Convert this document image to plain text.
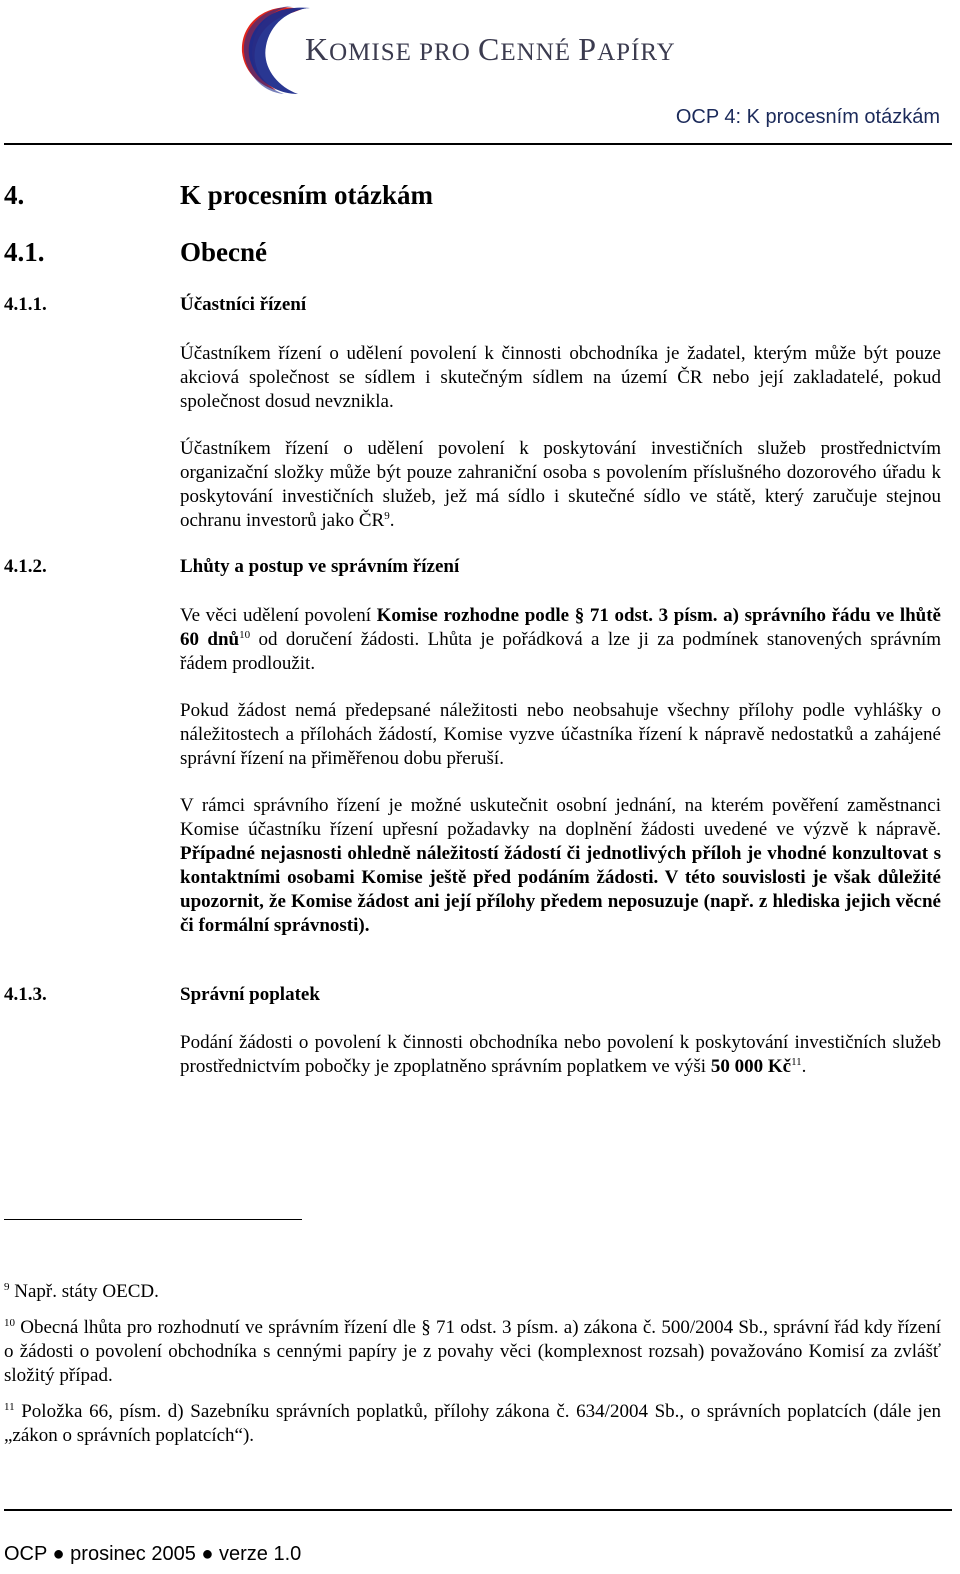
KOMISE PRO CENNÉ PAPÍRY
OCP 4: K procesním otázkám
4.	K procesním otázkám
4.1.	Obecné
4.1.1.	Účastníci řízení
Účastníkem řízení o udělení povolení k činnosti obchodníka je žadatel, kterým může být pouze akciová společnost se sídlem i skutečným sídlem na území ČR nebo její zakladatelé, pokud společnost dosud nevznikla.
Účastníkem řízení o udělení povolení k poskytování investičních služeb prostřednictvím organizační složky může být pouze zahraniční osoba s povolením příslušného dozorového úřadu k poskytování investičních služeb, jež má sídlo i skutečné sídlo ve státě, který zaručuje stejnou ochranu investorů jako $ČR^9$.
4.1.2.	Lhůty a postup ve správním řízení
Ve věci udělení povolení Komise rozhodne podle § 71 odst. 3 písm. a) správního řádu ve lhůtě 60 dnů$^{10}$ od doručení žádosti. Lhůta je pořádková a lze ji za podmínek stanovených správním řádem prodloužit.
Pokud žádost nemá předepsané náležitosti nebo neobsahuje všechny přílohy podle vyhlášky o náležitostech a přílohách žádostí, Komise vyzve účastníka řízení k nápravě nedostatků a zahájené správní řízení na přiměřenou dobu přeruší.
V rámci správního řízení je možné uskutečnit osobní jednání, na kterém pověření zaměstnanci Komise účastníku řízení upřesní požadavky na doplnění žádosti uvedené ve výzvě k nápravě. Případné nejasnosti ohledně náležitostí žádostí či jednotlivých příloh je vhodné konzultovat s kontaktními osobami Komise ještě před podáním žádosti. V této souvislosti je však důležité upozornit, že Komise žádost ani její přílohy předem neposuzuje (např. z hlediska jejich věcné či formální správnosti).
4.1.3.	Správní poplatek
Podání žádosti o povolení k činnosti obchodníka nebo povolení k poskytování investičních služeb prostřednictvím pobočky je zpoplatněno správním poplatkem ve výši 50 000 $Kč^{11}$.
$^9$ Např. státy OECD.
$^{10}$ Obecná lhůta pro rozhodnutí ve správním řízení dle § 71 odst. 3 písm. a) zákona č. 500/2004 Sb., správní řád kdy řízení o žádosti o povolení obchodníka s cennými papíry je z povahy věci (komplexnost rozsah) považováno Komisí za zvlášť složitý případ.
$^{11}$ Položka 66, písm. d) Sazebníku správních poplatků, přílohy zákona č. 634/2004 Sb., o správních poplatcích (dále jen „zákon o správních poplatcích“).
OCP ● prosinec 2005 ● verze 1.0
